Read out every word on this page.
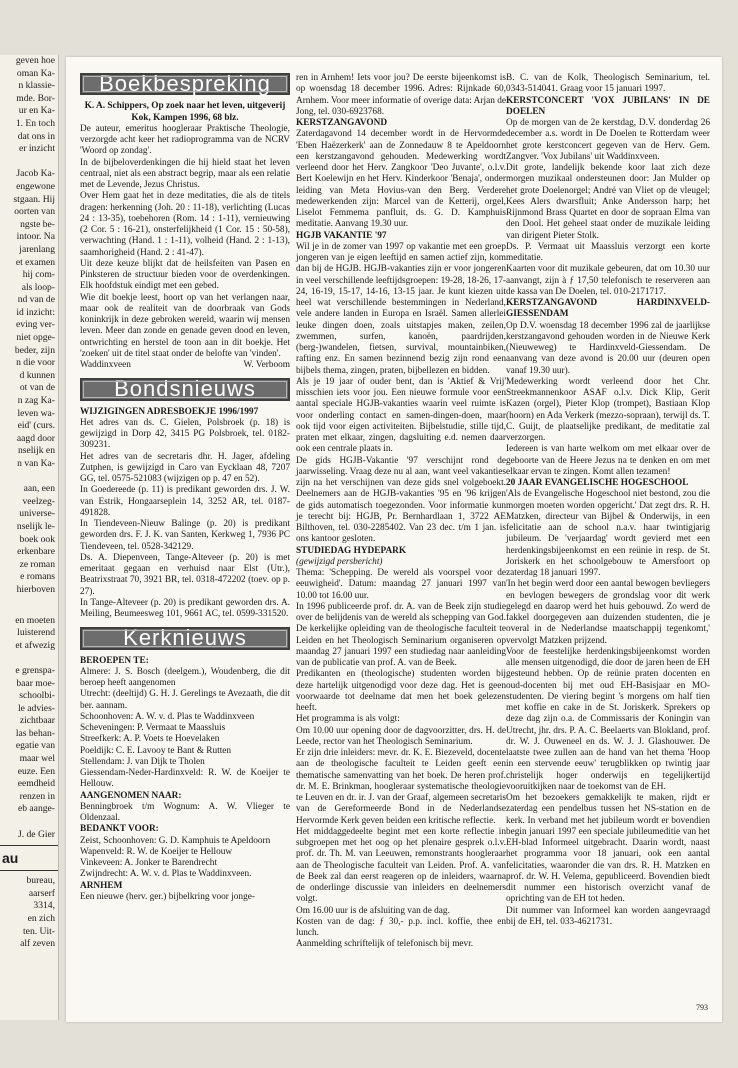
geven hoe
oman Ka-
n klassie-
mde. Bor-
ur en Ka-
1. En toch
dat ons in
er inzicht

Jacob Ka-
engewone
stgaan. Hij
oorten van
ngste be-
intoor. Na
jarenlang
et examen
hij com-
als loop-
nd van de
id inzicht:
eving ver-
niet opge-
beder, zijn
n die voor
d kunnen
ot van de
n zag Ka-
leven wa-
eid' (curs.
aagd door
nselijk en
n van Ka-

aan, een
veelzeg-
universe-
nselijk le-
boek ook
erkenbare
ze roman
e romans
hierboven
en moeten
luisterend
et afwezig

e grenspa-
baar moe-
schoolbi-
le advies-
zichtbaar
las behan-
egatie van
maar wel
euze. Een
eemdheid
renzen in
eb aange-

J. de Gier
au
bureau,
aarserf
3314,
en zich
ten. Uit-
alf zeven
Boekbespreking

K. A. Schippers, Op zoek naar het leven, uitgeverij Kok, Kampen 1996, 68 blz.

De auteur, emeritus hoogleraar Praktische Theologie, verzorgde acht keer het radioprogramma van de NCRV 'Woord op zondag'.

In de bijbeloverdenkingen die hij hield staat het leven centraal, niet als een abstract begrip, maar als een relatie met de Levende, Jezus Christus.

Over Hem gaat het in deze meditaties, die als de titels dragen: herkenning (Joh. 20 : 11-18), verlichting (Lucas 24 : 13-35), toebehoren (Rom. 14 : 1-11), vernieuwing (2 Cor. 5 : 16-21), onsterfelijkheid (1 Cor. 15 : 50-58), verwachting (Hand. 1 : 1-11), volheid (Hand. 2 : 1-13), saamhorigheid (Hand. 2 : 41-47).

Uit deze keuze blijkt dat de heilsfeiten van Pasen en Pinksteren de structuur bieden voor de overdenkingen. Elk hoofdstuk eindigt met een gebed.

Wie dit boekje leest, hoort op van het verlangen naar, maar ook de realiteit van de doorbraak van Gods koninkrijk in deze gebroken wereld, waarin wij mensen leven. Meer dan zonde en genade geven dood en leven, ontwrichting en herstel de toon aan in dit boekje. Het 'zoeken' uit de titel staat onder de belofte van 'vinden'.

Waddinxveen	W. Verboom
Bondsnieuws

WIJZIGINGEN ADRESBOEKJE 1996/1997

Het adres van ds. C. Gielen, Polsbroek (p. 18) is gewijzigd in Dorp 42, 3415 PG Polsbroek, tel. 0182-309231.

Het adres van de secretaris dhr. H. Jager, afdeling Zutphen, is gewijzigd in Caro van Eycklaan 48, 7207 GG, tel. 0575-521083 (wijzigen op p. 47 en 52).

In Goedereede (p. 11) is predikant geworden drs. J. W. van Estrik, Hongaarseplein 14, 3252 AR, tel. 0187-491828.

In Tiendeveen-Nieuw Balinge (p. 20) is predikant geworden drs. F. J. K. van Santen, Kerkweg 1, 7936 PC Tiendeveen, tel. 0528-342129.

Ds. A. Diepenveen, Tange-Alteveer (p. 20) is met emeritaat gegaan en verhuisd naar Elst (Utr.), Beatrixstraat 70, 3921 BR, tel. 0318-472202 (toev. op p. 27).

In Tange-Alteveer (p. 20) is predikant geworden drs. A. Meiling, Beumeesweg 101, 9661 AC, tel. 0599-331520.

Kerknieuws

BEROEPEN TE:

Almere: J. S. Bosch (deelgem.), Woudenberg, die dit beroep heeft aangenomen

Utrecht: (deeltijd) G. H. J. Gerelings te Avezaath, die dit ber. aannam.

Schoonhoven: A. W. v. d. Plas te Waddinxveen

Scheveningen: P. Vermaat te Maassluis

Streefkerk: A. P. Voets te Hoevelaken

Poeldijk: C. E. Lavooy te Bant & Rutten

Stellendam: J. van Dijk te Tholen

Giessendam-Neder-Hardinxveld: R. W. de Koeijer te Hellouw.

AANGENOMEN NAAR:

Benningbroek t/m Wognum: A. W. Vlieger te Oldenzaal.

BEDANKT VOOR:

Zeist, Schoonhoven: G. D. Kamphuis te Apeldoorn

Wapenveld: R. W. de Koeijer te Hellouw

Vinkeveen: A. Jonker te Barendrecht

Zwijndrecht: A. W. v. d. Plas te Waddinxveen.

ARNHEM

Een nieuwe (herv. ger.) bijbelkring voor jonge-

ren in Arnhem! Iets voor jou? De eerste bijeenkomst is op woensdag 18 december 1996. Adres: Rijnkade 60, Arnhem. Voor meer informatie of overige data: Arjan de Jong, tel. 030-6923768.

KERSTZANGAVOND

Zaterdagavond 14 december wordt in de Hervormde 'Eben Haëzerkerk' aan de Zonnedauw 8 te Apeldoorn een kerstzangavond gehouden. Medewerking wordt verleend door het Herv. Zangkoor 'Deo Juvante', o.l.v. Bert Koelewijn en het Herv. Kinderkoor 'Benaja', onder leiding van Meta Hovius-van den Berg. Verdere medewerkenden zijn: Marcel van de Ketterij, orgel, Liselot Femmema panfluit, ds. G. D. Kamphuis meditatie. Aanvang 19.30 uur.

HGJB VAKANTIE '97

Wil je in de zomer van 1997 op vakantie met een groep jongeren van je eigen leeftijd en samen actief zijn, kom dan bij de HGJB. HGJB-vakanties zijn er voor jongeren in veel verschillende leeftijdsgroepen: 19-28, 18-26, 17-24, 16-19, 15-17, 14-16, 13-15 jaar. Je kunt kiezen uit heel wat verschillende bestemmingen in Nederland, vele andere landen in Europa en Israël. Samen allerlei leuke dingen doen, zoals uitstapjes maken, zeilen, zwemmen, surfen, kanoën, paardrijden, (berg-)wandelen, fietsen, survival, mountainbiken, rafting enz. En samen bezinnend bezig zijn rond een bijbels thema, zingen, praten, bijbellezen en bidden.

Als je 19 jaar of ouder bent, dan is 'Aktief & Vrij' misschien iets voor jou. Een nieuwe formule voor een aantal speciale HGJB-vakanties waarin veel ruimte is voor onderling contact en samen-dingen-doen, maar ook tijd voor eigen activiteiten. Bijbelstudie, stille tijd, praten met elkaar, zingen, dagsluiting e.d. nemen daar ook een centrale plaats in.

De gids HGJB-Vakantie '97 verschijnt rond de jaarwisseling. Vraag deze nu al aan, want veel vakanties zijn na het verschijnen van deze gids snel volgeboekt. Deelnemers aan de HGJB-vakanties '95 en '96 krijgen de gids automatisch toegezonden. Voor informatie kun je terecht bij: HGJB, Pr. Bernhardlaan 1, 3722 AE Bilthoven, tel. 030-2285402. Van 23 dec. t/m 1 jan. is ons kantoor gesloten.

STUDIEDAG HYDEPARK

(gewijzigd persbericht)

Thema: 'Schepping. De wereld als voorspel voor de eeuwigheid'. Datum: maandag 27 januari 1997 van 10.00 tot 16.00 uur.

In 1996 publiceerde prof. dr. A. van de Beek zijn studie over de belijdenis van de wereld als schepping van God. De kerkelijke opleiding van de theologische faculteit te Leiden en het Theologisch Seminarium organiseren op maandag 27 januari 1997 een studiedag naar aanleiding van de publicatie van prof. A. van de Beek.

Predikanten en (theologische) studenten worden bij deze hartelijk uitgenodigd voor deze dag. Het is geen voorwaarde tot deelname dat men het boek gelezen heeft.

Het programma is als volgt:

Om 10.00 uur opening door de dagvoorzitter, drs. H. de Leede, rector van het Theologisch Seminarium.

Er zijn drie inleiders: mevr. dr. K. E. Biezeveld, docente aan de theologische faculteit te Leiden geeft een thematische samenvatting van het boek. De heren prof. dr. M. E. Brinkman, hoogleraar systematische theologie te Leuven en dr. ir. J. van der Graaf, algemeen secretaris van de Gereformeerde Bond in de Nederlandse Hervormde Kerk geven beiden een kritische reflectie.

Het middaggedeelte begint met een korte reflectie in subgroepen met het oog op het plenaire gesprek o.l.v. prof. dr. Th. M. van Leeuwen, remonstrants hoogleraar aan de Theologische faculteit van Leiden. Prof. A. van de Beek zal dan eerst reageren op de inleiders, waarna de onderlinge discussie van inleiders en deelnemers volgt.

Om 16.00 uur is de afsluiting van de dag.

Kosten van de dag: ƒ 30,- p.p. incl. koffie, thee en lunch.

Aanmelding schriftelijk of telefonisch bij mevr.

B. C. van de Kolk, Theologisch Seminarium, tel. 0343-514041. Graag voor 15 januari 1997.

KERSTCONCERT 'VOX JUBILANS' IN DE DOELEN

Op de morgen van de 2e kerstdag, D.V. donderdag 26 december a.s. wordt in De Doelen te Rotterdam weer het grote kerstconcert gegeven van de Herv. Gem. Zangver. 'Vox Jubilans' uit Waddinxveen.

Dit grote, landelijk bekende koor laat zich deze morgen muzikaal ondersteunen door: Jan Mulder op het grote Doelenorgel; André van Vliet op de vleugel; Kees Alers dwarsfluit; Anke Andersson harp; het Rijnmond Brass Quartet en door de sopraan Elma van den Dool. Het geheel staat onder de muzikale leiding van dirigent Pieter Stolk.

Ds. P. Vermaat uit Maassluis verzorgt een korte meditatie.

Kaarten voor dit muzikale gebeuren, dat om 10.30 uur aanvangt, zijn à ƒ 17,50 telefonisch te reserveren aan de kassa van De Doelen, tel. 010-2171717.

KERSTZANGAVOND HARDINXVELD-GIESSENDAM

Op D.V. woensdag 18 december 1996 zal de jaarlijkse kerstzangavond gehouden worden in de Nieuwe Kerk (Nieuweweg) te Hardinxveld-Giessendam. De aanvang van deze avond is 20.00 uur (deuren open vanaf 19.30 uur).

Medewerking wordt verleend door het Chr. Streekmannenkoor ASAF o.l.v. Dick Klip, Gerit Kazen (orgel), Pieter Klop (trompet), Bastiaan Klop (hoorn) en Ada Verkerk (mezzo-sopraan), terwijl ds. T. C. Guijt, de plaatselijke predikant, de meditatie zal verzorgen.

Iedereen is van harte welkom om met elkaar over de geboorte van de Heere Jezus na te denken en om met elkaar ervan te zingen. Komt allen tezamen!

20 JAAR EVANGELISCHE HOGESCHOOL

'Als de Evangelische Hogeschool niet bestond, zou die morgen moeten worden opgericht.' Dat zegt drs. R. H. Matzken, directeur van Bijbel & Onderwijs, in een felicitatie aan de school n.a.v. haar twintigjarig jubileum. De 'verjaardag' wordt gevierd met een herdenkingsbijeenkomst en een reünie in resp. de St. Joriskerk en het schoolgebouw te Amersfoort op zaterdag 18 januari 1997.

'In het begin werd door een aantal bewogen bevliegers en bevlogen bewegers de grondslag voor dit werk gelegd en daarop werd het huis gebouwd. Zo werd de fakkel doorgegeven aan duizenden studenten, die je overal in de Nederlandse maatschappij tegenkomt,' vervolgt Matzken prijzend.

Voor de feestelijke herdenkingsbijeenkomst worden alle mensen uitgenodigd, die door de jaren heen de EH gesteund hebben. Op de reünie praten docenten en oud-docenten bij met oud EH-Basisjaar en MO-studenten. De viering begint 's morgens om half tien met koffie en cake in de St. Joriskerk. Sprekers op deze dag zijn o.a. de Commissaris der Koningin van Utrecht, jhr. drs. P. A. C. Beelaerts van Blokland, prof. dr. W. J. Ouweneel en ds. W. J. J. Glashouwer. De laatste twee zullen aan de hand van het thema 'Hoop in een stervende eeuw' terugblikken op twintig jaar christelijk hoger onderwijs en tegelijkertijd vooruitkijken naar de toekomst van de EH.

Om het bezoekers gemakkelijk te maken, rijdt er zaterdag een pendelbus tussen het NS-station en de kerk. In verband met het jubileum wordt er bovendien begin januari 1997 een speciale jubileumeditie van het EH-blad Informeel uitgebracht. Daarin wordt, naast het programma voor 18 januari, ook een aantal felicitaties, waaronder die van drs. R. H. Matzken en prof. dr. W. H. Velema, gepubliceerd. Bovendien biedt dit nummer een historisch overzicht vanaf de oprichting van de EH tot heden.

Dit nummer van Informeel kan worden aangevraagd bij de EH, tel. 033-4621731.

793
